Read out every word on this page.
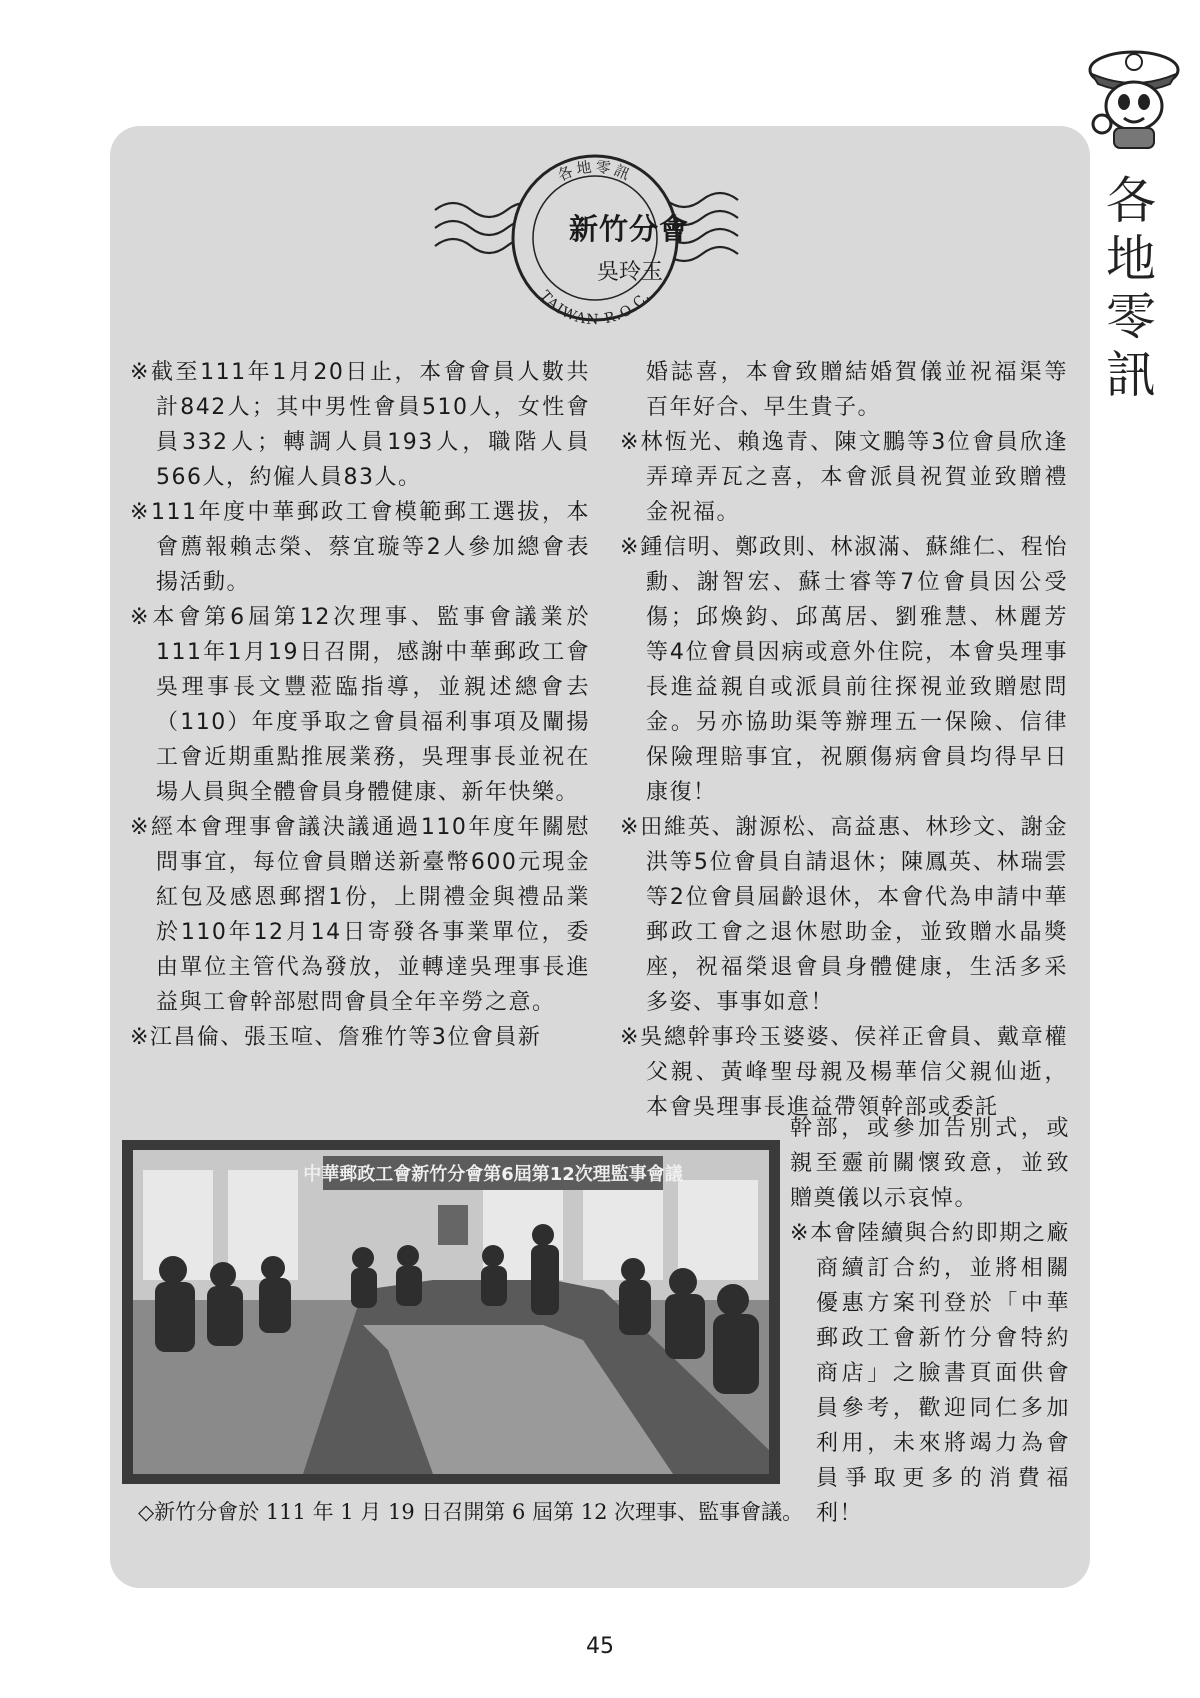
各地零訊
新竹分會
吳玲玉
各地零訊
TAIWAN R.O.C.

※截至111年1月20日止，本會會員人數共計842人；其中男性會員510人，女性會員332人；轉調人員193人，職階人員566人，約僱人員83人。

※111年度中華郵政工會模範郵工選拔，本會薦報賴志榮、蔡宜璇等2人參加總會表揚活動。

※本會第6屆第12次理事、監事會議業於111年1月19日召開，感謝中華郵政工會吳理事長文豐蒞臨指導，並親述總會去（110）年度爭取之會員福利事項及闡揚工會近期重點推展業務，吳理事長並祝在場人員與全體會員身體健康、新年快樂。

※經本會理事會議決議通過110年度年關慰問事宜，每位會員贈送新臺幣600元現金紅包及感恩郵摺1份，上開禮金與禮品業於110年12月14日寄發各事業單位，委由單位主管代為發放，並轉達吳理事長進益與工會幹部慰問會員全年辛勞之意。

※江昌倫、張玉喧、詹雅竹等3位會員新

婚誌喜，本會致贈結婚賀儀並祝福渠等百年好合、早生貴子。

※林恆光、賴逸青、陳文鵬等3位會員欣逢弄璋弄瓦之喜，本會派員祝賀並致贈禮金祝福。

※鍾信明、鄭政則、林淑滿、蘇維仁、程怡勳、謝智宏、蘇士睿等7位會員因公受傷；邱煥鈞、邱萬居、劉雅慧、林麗芳等4位會員因病或意外住院，本會吳理事長進益親自或派員前往探視並致贈慰問金。另亦協助渠等辦理五一保險、信律保險理賠事宜，祝願傷病會員均得早日康復！

※田維英、謝源松、高益惠、林珍文、謝金洪等5位會員自請退休；陳鳳英、林瑞雲等2位會員屆齡退休，本會代為申請中華郵政工會之退休慰助金，並致贈水晶獎座，祝福榮退會員身體健康，生活多采多姿、事事如意！

※吳總幹事玲玉婆婆、侯祥正會員、戴章權父親、黃峰聖母親及楊華信父親仙逝，本會吳理事長進益帶領幹部或委託

幹部，或參加告別式，或親至靈前關懷致意，並致贈奠儀以示哀悼。

※本會陸續與合約即期之廠商續訂合約，並將相關優惠方案刊登於「中華郵政工會新竹分會特約商店」之臉書頁面供會員參考，歡迎同仁多加利用，未來將竭力為會員爭取更多的消費福利！

中華郵政工會新竹分會第6屆第12次理監事會議
◇新竹分會於 111 年 1 月 19 日召開第 6 屆第 12 次理事、監事會議。
45
